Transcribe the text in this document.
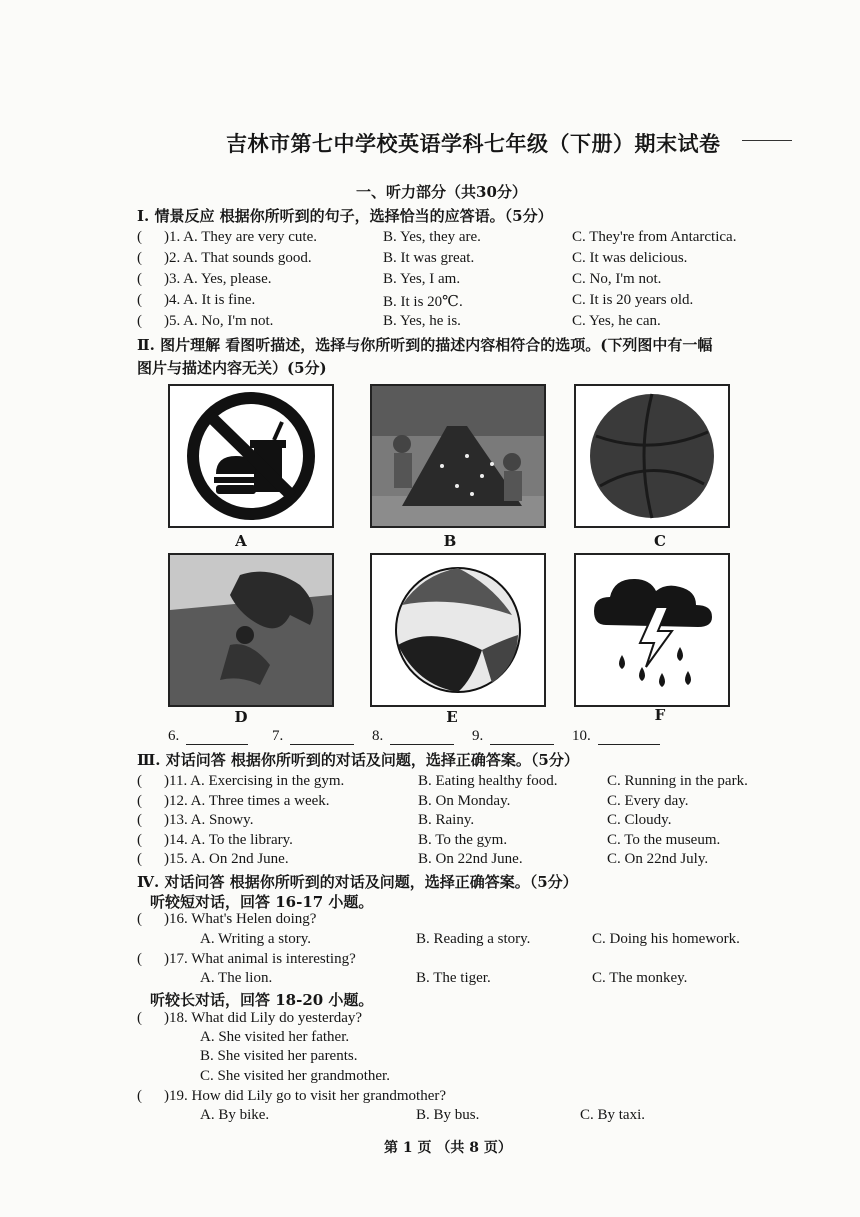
吉林市第七中学校英语学科七年级（下册）期末试卷
一、听力部分（共30分）
I. 情景反应 根据你所听到的句子，选择恰当的应答语。（5分）
( )1. A. They are very cute.	B. Yes, they are.	C. They're from Antarctica.
( )2. A. That sounds good.	B. It was great.	C. It was delicious.
( )3. A. Yes, please.	B. Yes, I am.	C. No, I'm not.
( )4. A. It is fine.	B. It is 20℃.	C. It is 20 years old.
( )5. A. No, I'm not.	B. Yes, he is.	C. Yes, he can.
Ⅱ. 图片理解 看图听描述，选择与你所听到的描述内容相符合的选项。(下列图中有一幅
图片与描述内容无关）(5分)
A	B	C
D	E	F
6.	7.	8.	9.	10.
Ⅲ. 对话问答 根据你所听到的对话及问题，选择正确答案。（5分）
( )11. A. Exercising in the gym.	B. Eating healthy food.	C. Running in the park.
( )12. A. Three times a week.	B. On Monday.	C. Every day.
( )13. A. Snowy.	B. Rainy.	C. Cloudy.
( )14. A. To the library.	B. To the gym.	C. To the museum.
( )15. A. On 2nd June.	B. On 22nd June.	C. On 22nd July.
Ⅳ. 对话问答 根据你所听到的对话及问题，选择正确答案。（5分）
听较短对话，回答 16-17 小题。
( )16. What's Helen doing?
A. Writing a story.	B. Reading a story.	C. Doing his homework.
( )17. What animal is interesting?
A. The lion.	B. The tiger.	C. The monkey.
听较长对话，回答 18-20 小题。
( )18. What did Lily do yesterday?
A. She visited her father.
B. She visited her parents.
C. She visited her grandmother.
( )19. How did Lily go to visit her grandmother?
A. By bike.	B. By bus.	C. By taxi.
第 1 页 （共 8 页）
